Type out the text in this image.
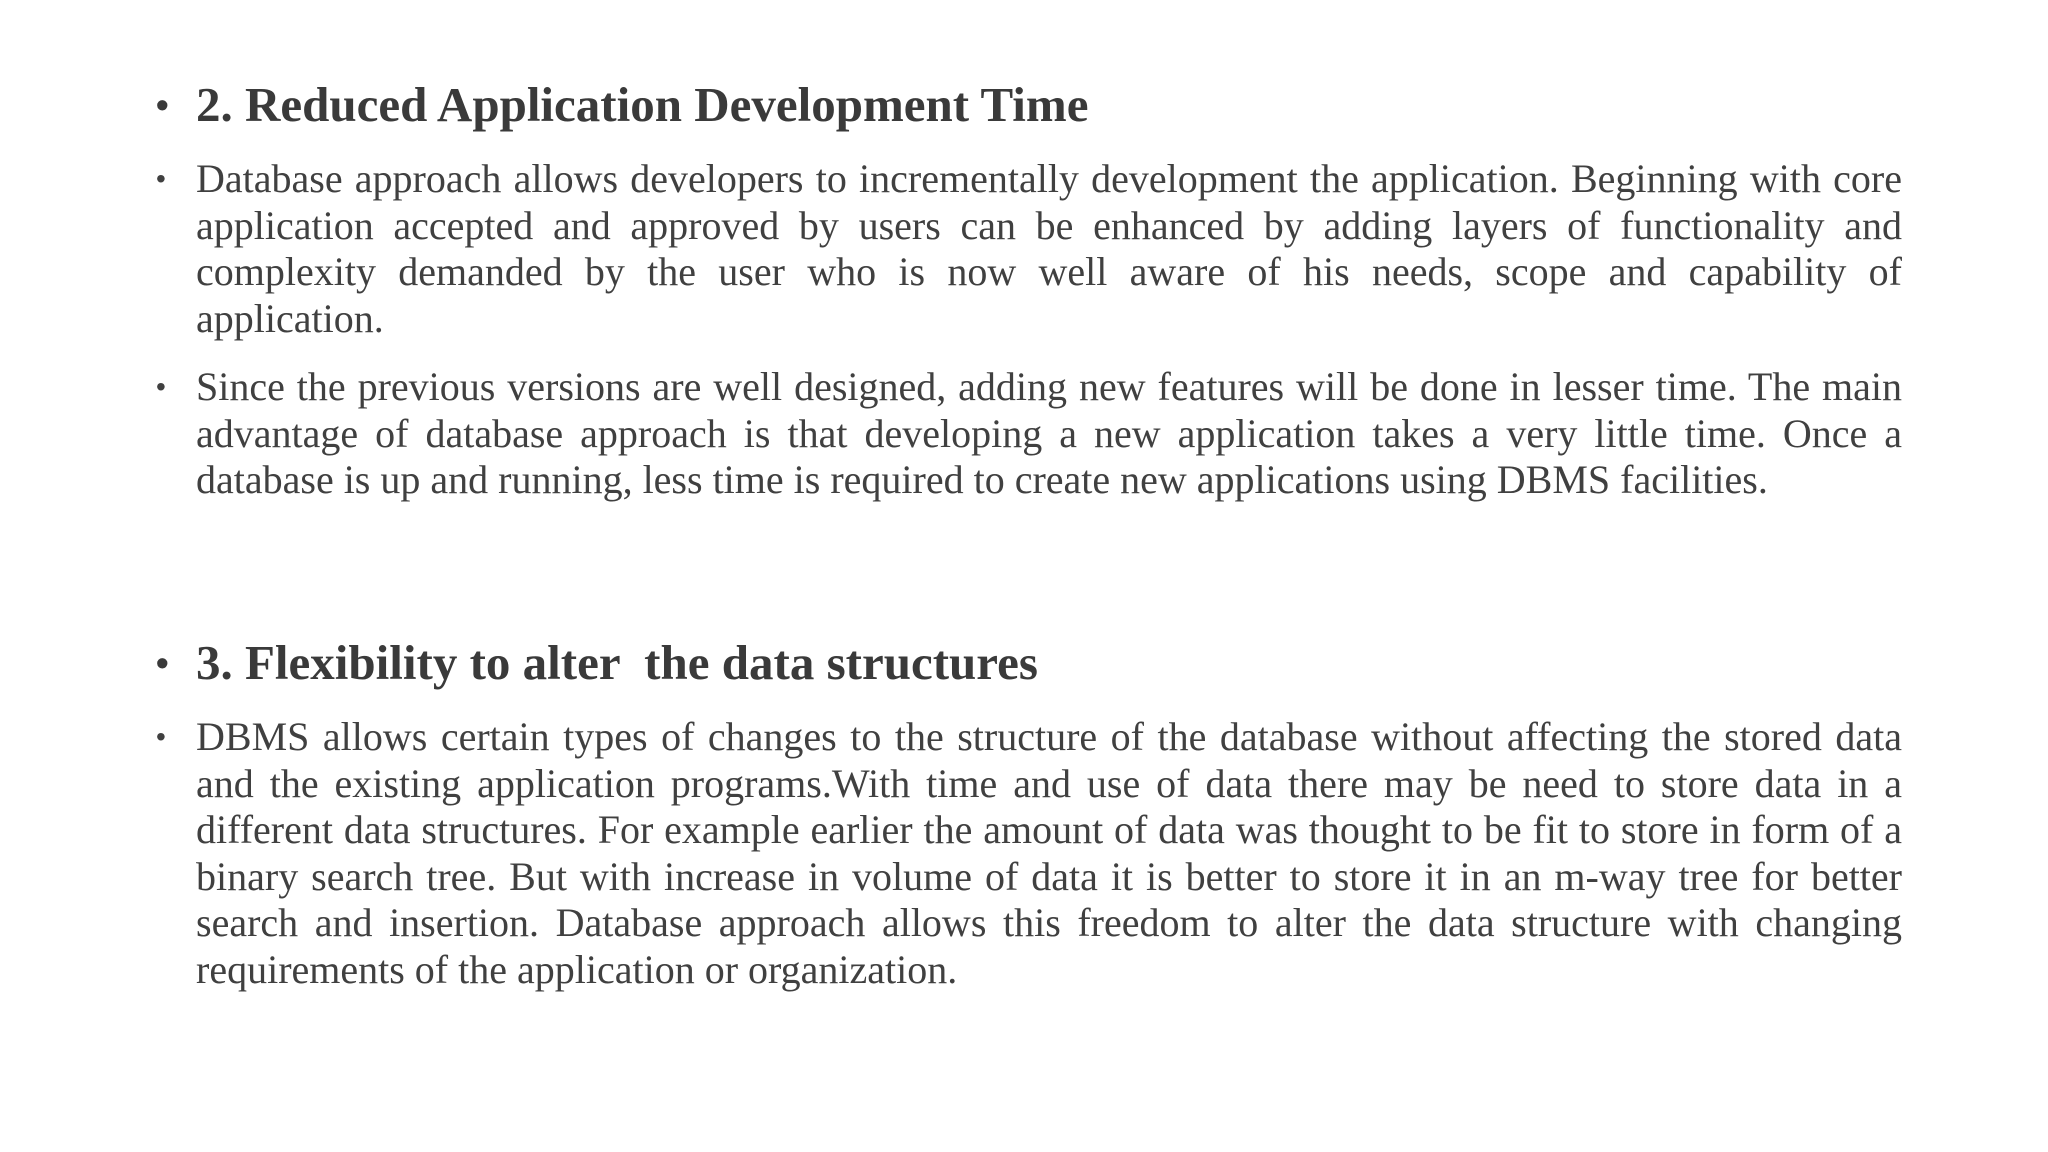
• 2. Reduced Application Development Time
• Database approach allows developers to incrementally development the application. Beginning with core application accepted and approved by users can be enhanced by adding layers of functionality and complexity demanded by the user who is now well aware of his needs, scope and capability of application.
• Since the previous versions are well designed, adding new features will be done in lesser time. The main advantage of database approach is that developing a new application takes a very little time. Once a database is up and running, less time is required to create new applications using DBMS facilities.
• 3. Flexibility to alter  the data structures
• DBMS allows certain types of changes to the structure of the database without affecting the stored data and the existing application programs.With time and use of data there may be need to store data in a different data structures. For example earlier the amount of data was thought to be fit to store in form of a binary search tree. But with increase in volume of data it is better to store it in an m-way tree for better search and insertion. Database approach allows this freedom to alter the data structure with changing requirements of the application or organization.
